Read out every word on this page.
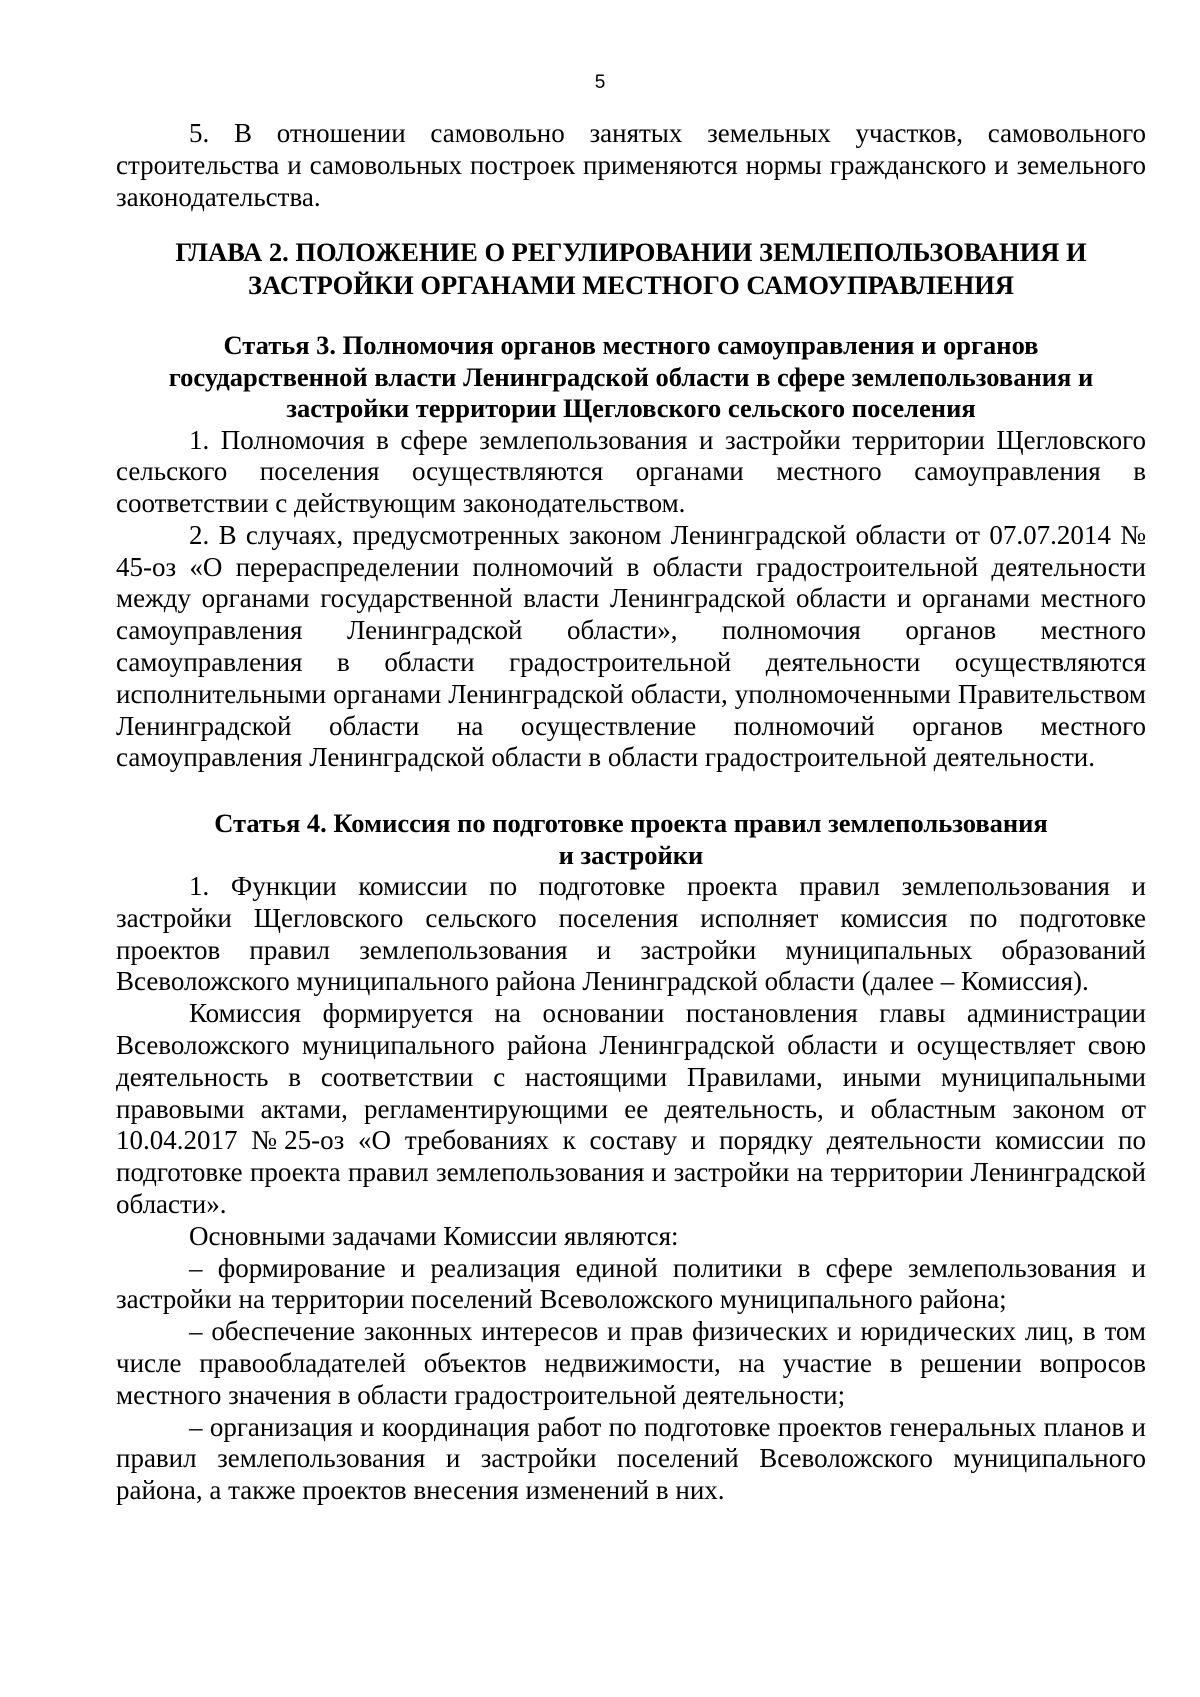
5

5. В отношении самовольно занятых земельных участков, самовольного строительства и самовольных построек применяются нормы гражданского и земельного законодательства.

ГЛАВА 2. ПОЛОЖЕНИЕ О РЕГУЛИРОВАНИИ ЗЕМЛЕПОЛЬЗОВАНИЯ И
ЗАСТРОЙКИ ОРГАНАМИ МЕСТНОГО САМОУПРАВЛЕНИЯ
Статья 3. Полномочия органов местного самоуправления и органов
государственной власти Ленинградской области в сфере землепользования и
застройки территории Щегловского сельского поселения

1. Полномочия в сфере землепользования и застройки территории Щегловского сельского поселения осуществляются органами местного самоуправления в соответствии с действующим законодательством.

2. В случаях, предусмотренных законом Ленинградской области от 07.07.2014 № 45-оз «О перераспределении полномочий в области градостроительной деятельности между органами государственной власти Ленинградской области и органами местного самоуправления Ленинградской области», полномочия органов местного самоуправления в области градостроительной деятельности осуществляются исполнительными органами Ленинградской области, уполномоченными Правительством Ленинградской области на осуществление полномочий органов местного самоуправления Ленинградской области в области градостроительной деятельности.

Статья 4. Комиссия по подготовке проекта правил землепользования
и застройки

1. Функции комиссии по подготовке проекта правил землепользования и застройки Щегловского сельского поселения исполняет комиссия по подготовке проектов правил землепользования и застройки муниципальных образований Всеволожского муниципального района Ленинградской области (далее – Комиссия).

Комиссия формируется на основании постановления главы администрации Всеволожского муниципального района Ленинградской области и осуществляет свою деятельность в соответствии с настоящими Правилами, иными муниципальными правовыми актами, регламентирующими ее деятельность, и областным законом от 10.04.2017 №25-оз «О требованиях к составу и порядку деятельности комиссии по подготовке проекта правил землепользования и застройки на территории Ленинградской области».

Основными задачами Комиссии являются:

– формирование и реализация единой политики в сфере землепользования и застройки на территории поселений Всеволожского муниципального района;

– обеспечение законных интересов и прав физических и юридических лиц, в том числе правообладателей объектов недвижимости, на участие в решении вопросов местного значения в области градостроительной деятельности;

– организация и координация работ по подготовке проектов генеральных планов и правил землепользования и застройки поселений Всеволожского муниципального района, а также проектов внесения изменений в них.
